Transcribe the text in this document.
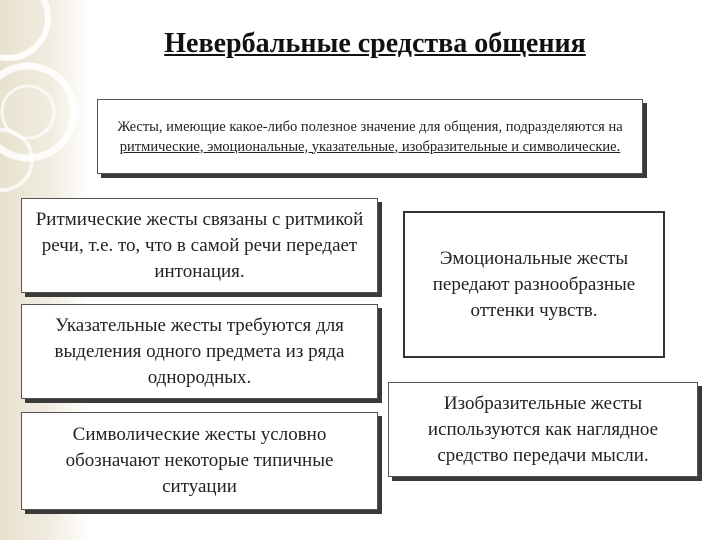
Невербальные средства общения
Жесты, имеющие какое-либо полезное значение для общения, подразделяются на ритмические, эмоциональные, указательные, изобразительные и символические.
Ритмические жесты связаны с ритмикой речи, т.е. то, что в самой речи передает интонация.
Указательные жесты требуются для выделения одного предмета из ряда однородных.
Символические жесты условно обозначают некоторые типичные ситуации
Эмоциональные жесты передают разнообразные оттенки чувств.
Изобразительные жесты используются как наглядное средство передачи мысли.
